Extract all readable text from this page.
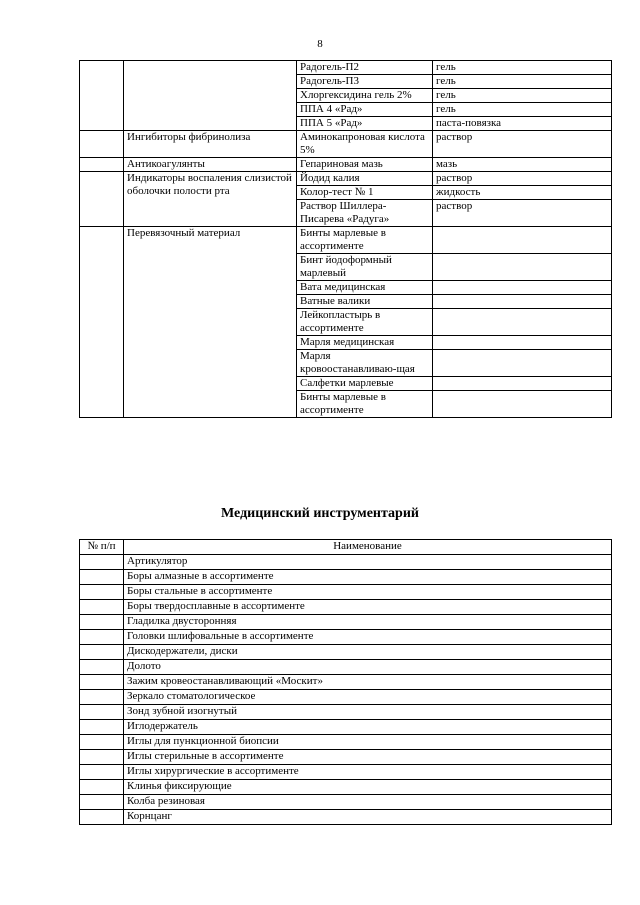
8
		Радогель-П2	гель
		Радогель-П3	гель
		Хлоргексидина гель 2%	гель
		ППА 4 «Рад»	гель
		ППА 5 «Рад»	паста-повязка
	Ингибиторы фибринолиза	Аминокапроновая кислота 5%	раствор
	Антикоагулянты	Гепариновая мазь	мазь
	Индикаторы воспаления слизистой оболочки полости рта	Йодид калия	раствор
		Колор-тест № 1	жидкость
		Раствор Шиллера-Писарева «Радуга»	раствор
	Перевязочный материал	Бинты марлевые в ассортименте	
		Бинт йодоформный марлевый	
		Вата медицинская	
		Ватные валики	
		Лейкопластырь в ассортименте	
		Марля медицинская	
		Марля кровоостанавливаю-щая	
		Салфетки марлевые	
		Бинты марлевые в ассортименте	
Медицинский инструментарий
№ п/п	Наименование
	Артикулятор
	Боры алмазные в ассортименте
	Боры стальные в ассортименте
	Боры твердосплавные в ассортименте
	Гладилка двусторонняя
	Головки шлифовальные в ассортименте
	Дискодержатели, диски
	Долото
	Зажим кровеостанавливающий «Москит»
	Зеркало стоматологическое
	Зонд зубной изогнутый
	Иглодержатель
	Иглы для пункционной биопсии
	Иглы стерильные в ассортименте
	Иглы хирургические в ассортименте
	Клинья фиксирующие
	Колба резиновая
	Корнцанг
